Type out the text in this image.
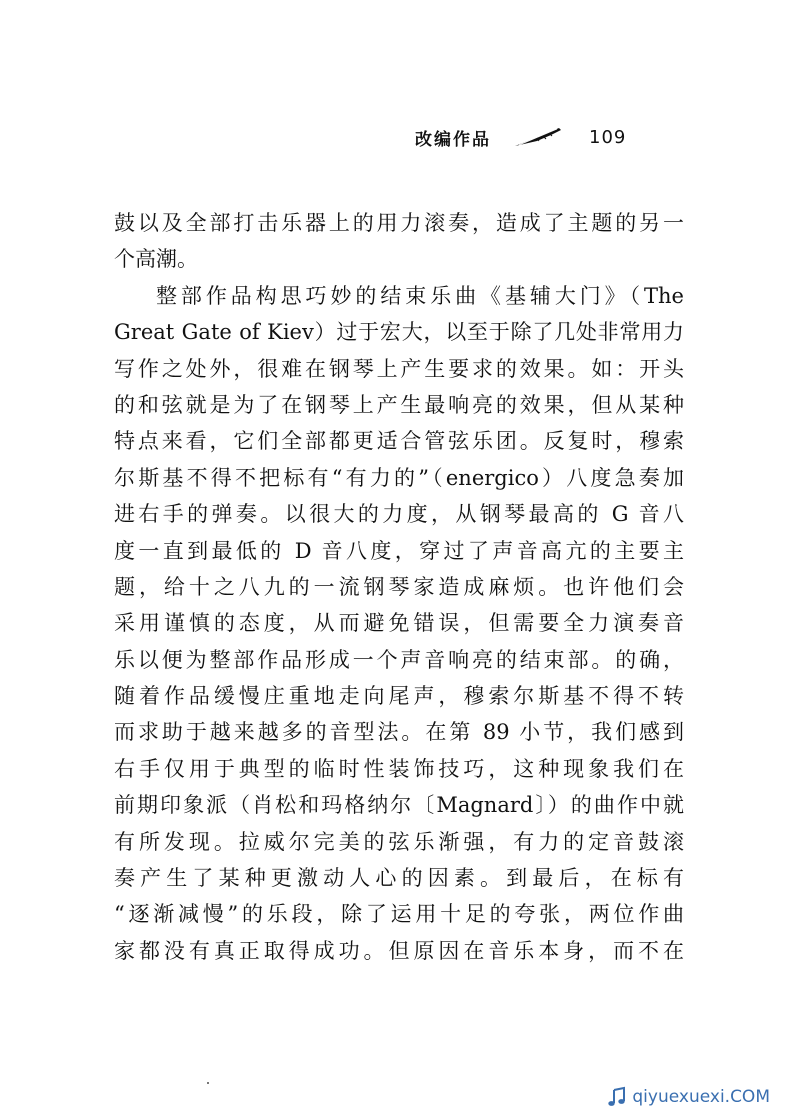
改编作品	109
鼓以及全部打击乐器上的用力滚奏，造成了主题的另一
个高潮。
整部作品构思巧妙的结束乐曲《基辅大门》（The
Great Gate of Kiev）过于宏大，以至于除了几处非常用力
写作之处外，很难在钢琴上产生要求的效果。如：开头
的和弦就是为了在钢琴上产生最响亮的效果，但从某种
特点来看，它们全部都更适合管弦乐团。反复时，穆索
尔斯基不得不把标有“有力的”（energico）八度急奏加
进右手的弹奏。以很大的力度，从钢琴最高的 G 音八
度一直到最低的 D 音八度，穿过了声音高亢的主要主
题，给十之八九的一流钢琴家造成麻烦。也许他们会
采用谨慎的态度，从而避免错误，但需要全力演奏音
乐以便为整部作品形成一个声音响亮的结束部。的确，
随着作品缓慢庄重地走向尾声，穆索尔斯基不得不转
而求助于越来越多的音型法。在第 89 小节，我们感到
右手仅用于典型的临时性装饰技巧，这种现象我们在
前期印象派（肖松和玛格纳尔〔Magnard〕）的曲作中就
有所发现。拉威尔完美的弦乐渐强，有力的定音鼓滚
奏产生了某种更激动人心的因素。到最后，在标有
“逐渐减慢”的乐段，除了运用十足的夸张，两位作曲
家都没有真正取得成功。但原因在音乐本身，而不在
qiyuexuexi.COM
